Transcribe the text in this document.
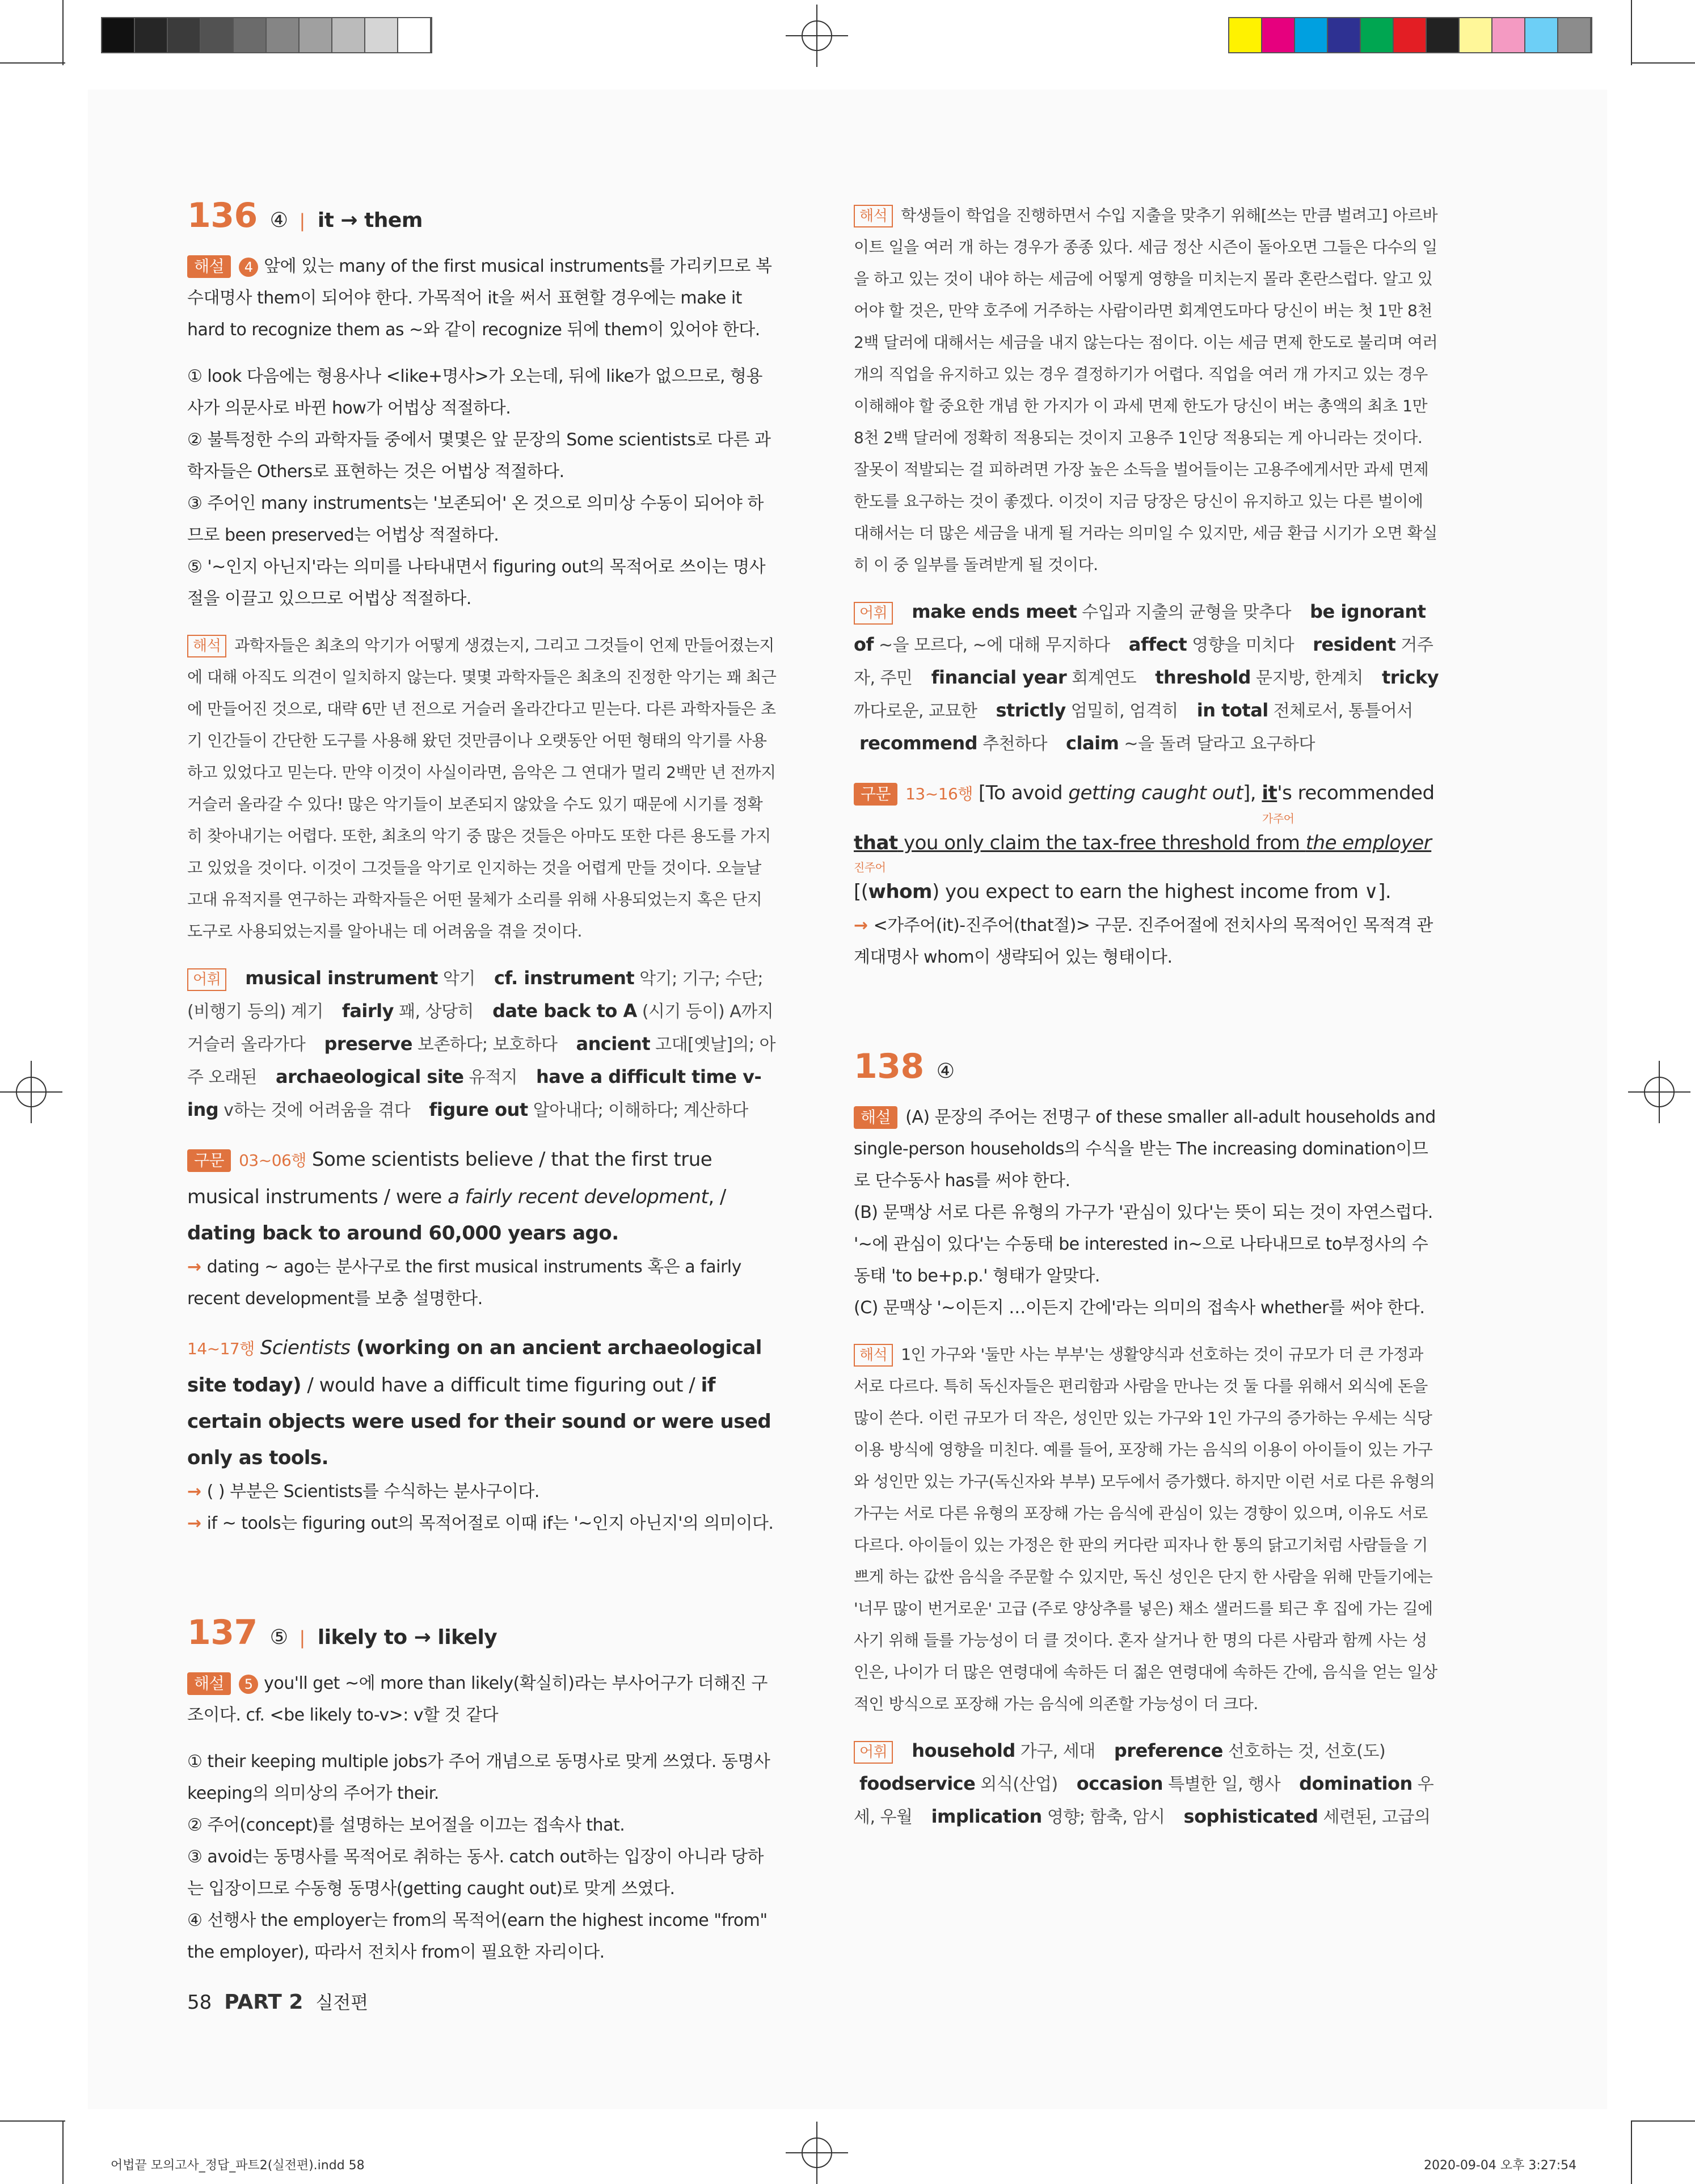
136 ④ | it → them

해설 4 앞에 있는 many of the first musical instruments를 가리키므로 복수대명사 them이 되어야 한다. 가목적어 it을 써서 표현할 경우에는 make it hard to recognize them as ~와 같이 recognize 뒤에 them이 있어야 한다.

① look 다음에는 형용사나 <like+명사>가 오는데, 뒤에 like가 없으므로, 형용사가 의문사로 바뀐 how가 어법상 적절하다.

② 불특정한 수의 과학자들 중에서 몇몇은 앞 문장의 Some scientists로 다른 과학자들은 Others로 표현하는 것은 어법상 적절하다.

③ 주어인 many instruments는 '보존되어' 온 것으로 의미상 수동이 되어야 하므로 been preserved는 어법상 적절하다.

⑤ '~인지 아닌지'라는 의미를 나타내면서 figuring out의 목적어로 쓰이는 명사절을 이끌고 있으므로 어법상 적절하다.

해석 과학자들은 최초의 악기가 어떻게 생겼는지, 그리고 그것들이 언제 만들어졌는지에 대해 아직도 의견이 일치하지 않는다. 몇몇 과학자들은 최초의 진정한 악기는 꽤 최근에 만들어진 것으로, 대략 6만 년 전으로 거슬러 올라간다고 믿는다. 다른 과학자들은 초기 인간들이 간단한 도구를 사용해 왔던 것만큼이나 오랫동안 어떤 형태의 악기를 사용하고 있었다고 믿는다. 만약 이것이 사실이라면, 음악은 그 연대가 멀리 2백만 년 전까지 거슬러 올라갈 수 있다! 많은 악기들이 보존되지 않았을 수도 있기 때문에 시기를 정확히 찾아내기는 어렵다. 또한, 최초의 악기 중 많은 것들은 아마도 또한 다른 용도를 가지고 있었을 것이다. 이것이 그것들을 악기로 인지하는 것을 어렵게 만들 것이다. 오늘날 고대 유적지를 연구하는 과학자들은 어떤 물체가 소리를 위해 사용되었는지 혹은 단지 도구로 사용되었는지를 알아내는 데 어려움을 겪을 것이다.

어휘 musical instrument 악기 cf. instrument 악기; 기구; 수단; (비행기 등의) 계기 fairly 꽤, 상당히 date back to A (시기 등이) A까지 거슬러 올라가다 preserve 보존하다; 보호하다 ancient 고대[옛날]의; 아주 오래된 archaeological site 유적지 have a difficult time v-ing v하는 것에 어려움을 겪다 figure out 알아내다; 이해하다; 계산하다

구문 03~06행 Some scientists believe / that the first true musical instruments / were a fairly recent development, / dating back to around 60,000 years ago.

→ dating ~ ago는 분사구로 the first musical instruments 혹은 a fairly recent development를 보충 설명한다.

14~17행 Scientists (working on an ancient archaeological site today) / would have a difficult time figuring out / if certain objects were used for their sound or were used only as tools.

→ ( ) 부분은 Scientists를 수식하는 분사구이다.

→ if ~ tools는 figuring out의 목적어절로 이때 if는 '~인지 아닌지'의 의미이다.

137 ⑤ | likely to → likely

해설 5 you'll get ~에 more than likely(확실히)라는 부사어구가 더해진 구조이다. cf. <be likely to-v>: v할 것 같다

① their keeping multiple jobs가 주어 개념으로 동명사로 맞게 쓰였다. 동명사 keeping의 의미상의 주어가 their.

② 주어(concept)를 설명하는 보어절을 이끄는 접속사 that.

③ avoid는 동명사를 목적어로 취하는 동사. catch out하는 입장이 아니라 당하는 입장이므로 수동형 동명사(getting caught out)로 맞게 쓰였다.

④ 선행사 the employer는 from의 목적어(earn the highest income "from" the employer), 따라서 전치사 from이 필요한 자리이다.

해석 학생들이 학업을 진행하면서 수입 지출을 맞추기 위해[쓰는 만큼 벌려고] 아르바이트 일을 여러 개 하는 경우가 종종 있다. 세금 정산 시즌이 돌아오면 그들은 다수의 일을 하고 있는 것이 내야 하는 세금에 어떻게 영향을 미치는지 몰라 혼란스럽다. 알고 있어야 할 것은, 만약 호주에 거주하는 사람이라면 회계연도마다 당신이 버는 첫 1만 8천 2백 달러에 대해서는 세금을 내지 않는다는 점이다. 이는 세금 면제 한도로 불리며 여러 개의 직업을 유지하고 있는 경우 결정하기가 어렵다. 직업을 여러 개 가지고 있는 경우 이해해야 할 중요한 개념 한 가지가 이 과세 면제 한도가 당신이 버는 총액의 최초 1만 8천 2백 달러에 정확히 적용되는 것이지 고용주 1인당 적용되는 게 아니라는 것이다. 잘못이 적발되는 걸 피하려면 가장 높은 소득을 벌어들이는 고용주에게서만 과세 면제 한도를 요구하는 것이 좋겠다. 이것이 지금 당장은 당신이 유지하고 있는 다른 벌이에 대해서는 더 많은 세금을 내게 될 거라는 의미일 수 있지만, 세금 환급 시기가 오면 확실히 이 중 일부를 돌려받게 될 것이다.

어휘 make ends meet 수입과 지출의 균형을 맞추다 be ignorant of ~을 모르다, ~에 대해 무지하다 affect 영향을 미치다 resident 거주자, 주민 financial year 회계연도 threshold 문지방, 한계치 tricky 까다로운, 교묘한 strictly 엄밀히, 엄격히 in total 전체로서, 통틀어서 recommend 추천하다 claim ~을 돌려 달라고 요구하다

구문 13~16행 [To avoid getting caught out], it's recommended

가주어

that you only claim the tax-free threshold from the employer

진주어

[(whom) you expect to earn the highest income from ∨].

→ <가주어(it)-진주어(that절)> 구문. 진주어절에 전치사의 목적어인 목적격 관계대명사 whom이 생략되어 있는 형태이다.

138 ④

해설 (A) 문장의 주어는 전명구 of these smaller all-adult households and single-person households의 수식을 받는 The increasing domination이므로 단수동사 has를 써야 한다.

(B) 문맥상 서로 다른 유형의 가구가 '관심이 있다'는 뜻이 되는 것이 자연스럽다. '~에 관심이 있다'는 수동태 be interested in~으로 나타내므로 to부정사의 수동태 'to be+p.p.' 형태가 알맞다.

(C) 문맥상 '~이든지 …이든지 간에'라는 의미의 접속사 whether를 써야 한다.

해석 1인 가구와 '둘만 사는 부부'는 생활양식과 선호하는 것이 규모가 더 큰 가정과 서로 다르다. 특히 독신자들은 편리함과 사람을 만나는 것 둘 다를 위해서 외식에 돈을 많이 쓴다. 이런 규모가 더 작은, 성인만 있는 가구와 1인 가구의 증가하는 우세는 식당 이용 방식에 영향을 미친다. 예를 들어, 포장해 가는 음식의 이용이 아이들이 있는 가구와 성인만 있는 가구(독신자와 부부) 모두에서 증가했다. 하지만 이런 서로 다른 유형의 가구는 서로 다른 유형의 포장해 가는 음식에 관심이 있는 경향이 있으며, 이유도 서로 다르다. 아이들이 있는 가정은 한 판의 커다란 피자나 한 통의 닭고기처럼 사람들을 기쁘게 하는 값싼 음식을 주문할 수 있지만, 독신 성인은 단지 한 사람을 위해 만들기에는 '너무 많이 번거로운' 고급 (주로 양상추를 넣은) 채소 샐러드를 퇴근 후 집에 가는 길에 사기 위해 들를 가능성이 더 클 것이다. 혼자 살거나 한 명의 다른 사람과 함께 사는 성인은, 나이가 더 많은 연령대에 속하든 더 젊은 연령대에 속하든 간에, 음식을 얻는 일상적인 방식으로 포장해 가는 음식에 의존할 가능성이 더 크다.

어휘 household 가구, 세대 preference 선호하는 것, 선호(도) foodservice 외식(산업) occasion 특별한 일, 행사 domination 우세, 우월 implication 영향; 함축, 암시 sophisticated 세련된, 고급의
58 PART 2 실전편
어법끝 모의고사_정답_파트2(실전편).indd 58	2020-09-04 오후 3:27:54
